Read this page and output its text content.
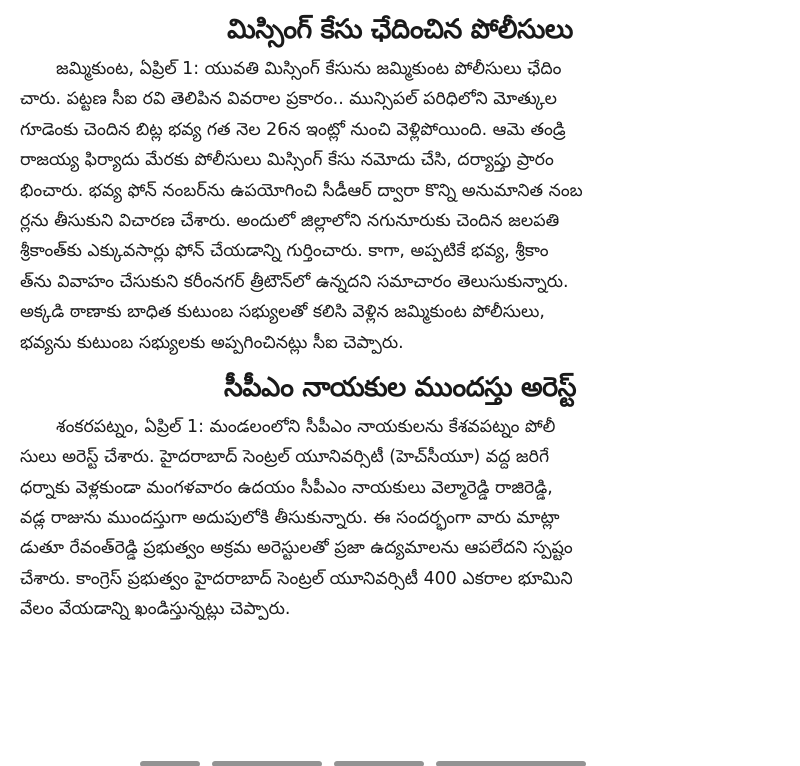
మిస్సింగ్ కేసు ఛేదించిన పోలీసులు
జమ్మికుంట, ఏప్రిల్ 1: యువతి మిస్సింగ్ కేసును జమ్మికుంట పోలీసులు ఛేదిం
చారు. పట్టణ సీఐ రవి తెలిపిన వివరాల ప్రకారం.. మున్సిపల్ పరిధిలోని మోత్కుల
గూడెంకు చెందిన బిట్ల భవ్య గత నెల 26న ఇంట్లో నుంచి వెళ్లిపోయింది. ఆమె తండ్రి
రాజయ్య ఫిర్యాదు మేరకు పోలీసులు మిస్సింగ్ కేసు నమోదు చేసి, దర్యాప్తు ప్రారం
భించారు. భవ్య ఫోన్ నంబర్‌ను ఉపయోగించి సీడీఆర్ ద్వారా కొన్ని అనుమానిత నంబ
ర్లను తీసుకుని విచారణ చేశారు. అందులో జిల్లాలోని నగునూరుకు చెందిన జలపతి
శ్రీకాంత్‌కు ఎక్కువసార్లు ఫోన్ చేయడాన్ని గుర్తించారు. కాగా, అప్పటికే భవ్య, శ్రీకాం
త్‌ను వివాహం చేసుకుని కరీంనగర్ త్రీటౌన్‌లో ఉన్నదని సమాచారం తెలుసుకున్నారు.
అక్కడి ఠాణాకు బాధిత కుటుంబ సభ్యులతో కలిసి వెళ్లిన జమ్మికుంట పోలీసులు,
భవ్యను కుటుంబ సభ్యులకు అప్పగించినట్లు సీఐ చెప్పారు.
సీపీఎం నాయకుల ముందస్తు అరెస్ట్
శంకరపట్నం, ఏప్రిల్ 1: మండలంలోని సీపీఎం నాయకులను కేశవపట్నం పోలీ
సులు అరెస్ట్ చేశారు. హైదరాబాద్ సెంట్రల్ యూనివర్సిటీ (హెచ్‌సీయూ) వద్ద జరిగే
ధర్నాకు వెళ్లకుండా మంగళవారం ఉదయం సీపీఎం నాయకులు వెల్మారెడ్డి రాజిరెడ్డి,
వడ్ల రాజును ముందస్తుగా అదుపులోకి తీసుకున్నారు. ఈ సందర్భంగా వారు మాట్లా
డుతూ రేవంత్‌రెడ్డి ప్రభుత్వం అక్రమ అరెస్టులతో ప్రజా ఉద్యమాలను ఆపలేదని స్పష్టం
చేశారు. కాంగ్రెస్ ప్రభుత్వం హైదరాబాద్ సెంట్రల్ యూనివర్సిటీ 400 ఎకరాల భూమిని
వేలం వేయడాన్ని ఖండిస్తున్నట్లు చెప్పారు.
